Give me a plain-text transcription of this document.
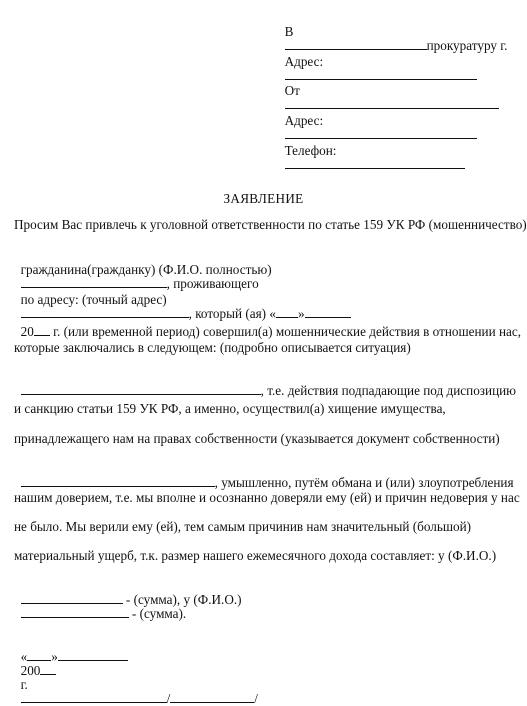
В
прокуратуру г.

Адрес:

От

Адрес:

Телефон:

ЗАЯВЛЕНИЕ
Просим Вас привлечь к уголовной ответственности по статье 159 УК РФ (мошенничество)

гражданина(гражданку) (Ф.И.О. полностью)
, проживающего

по адресу: (точный адрес)
, который (ая) « »

20 г. (или временной период) совершил(а) мошеннические действия в отношении нас,

которые заключались в следующем: (подробно описывается ситуация)

, т.е. действия подпадающие под диспозицию

и санкцию статьи 159 УК РФ, а именно, осуществил(а) хищение имущества,
принадлежащего нам на правах собственности (указывается документ собственности)

, умышленно, путём обмана и (или) злоупотребления

нашим доверием, т.е. мы вполне и осознанно доверяли ему (ей) и причин недоверия у нас
не было. Мы верили ему (ей), тем самым причинив нам значительный (большой)
материальный ущерб, т.к. размер нашего ежемесячного дохода составляет: у (Ф.И.О.)

- (сумма), у (Ф.И.О.)
- (сумма).

« »
200
г.
/	/
